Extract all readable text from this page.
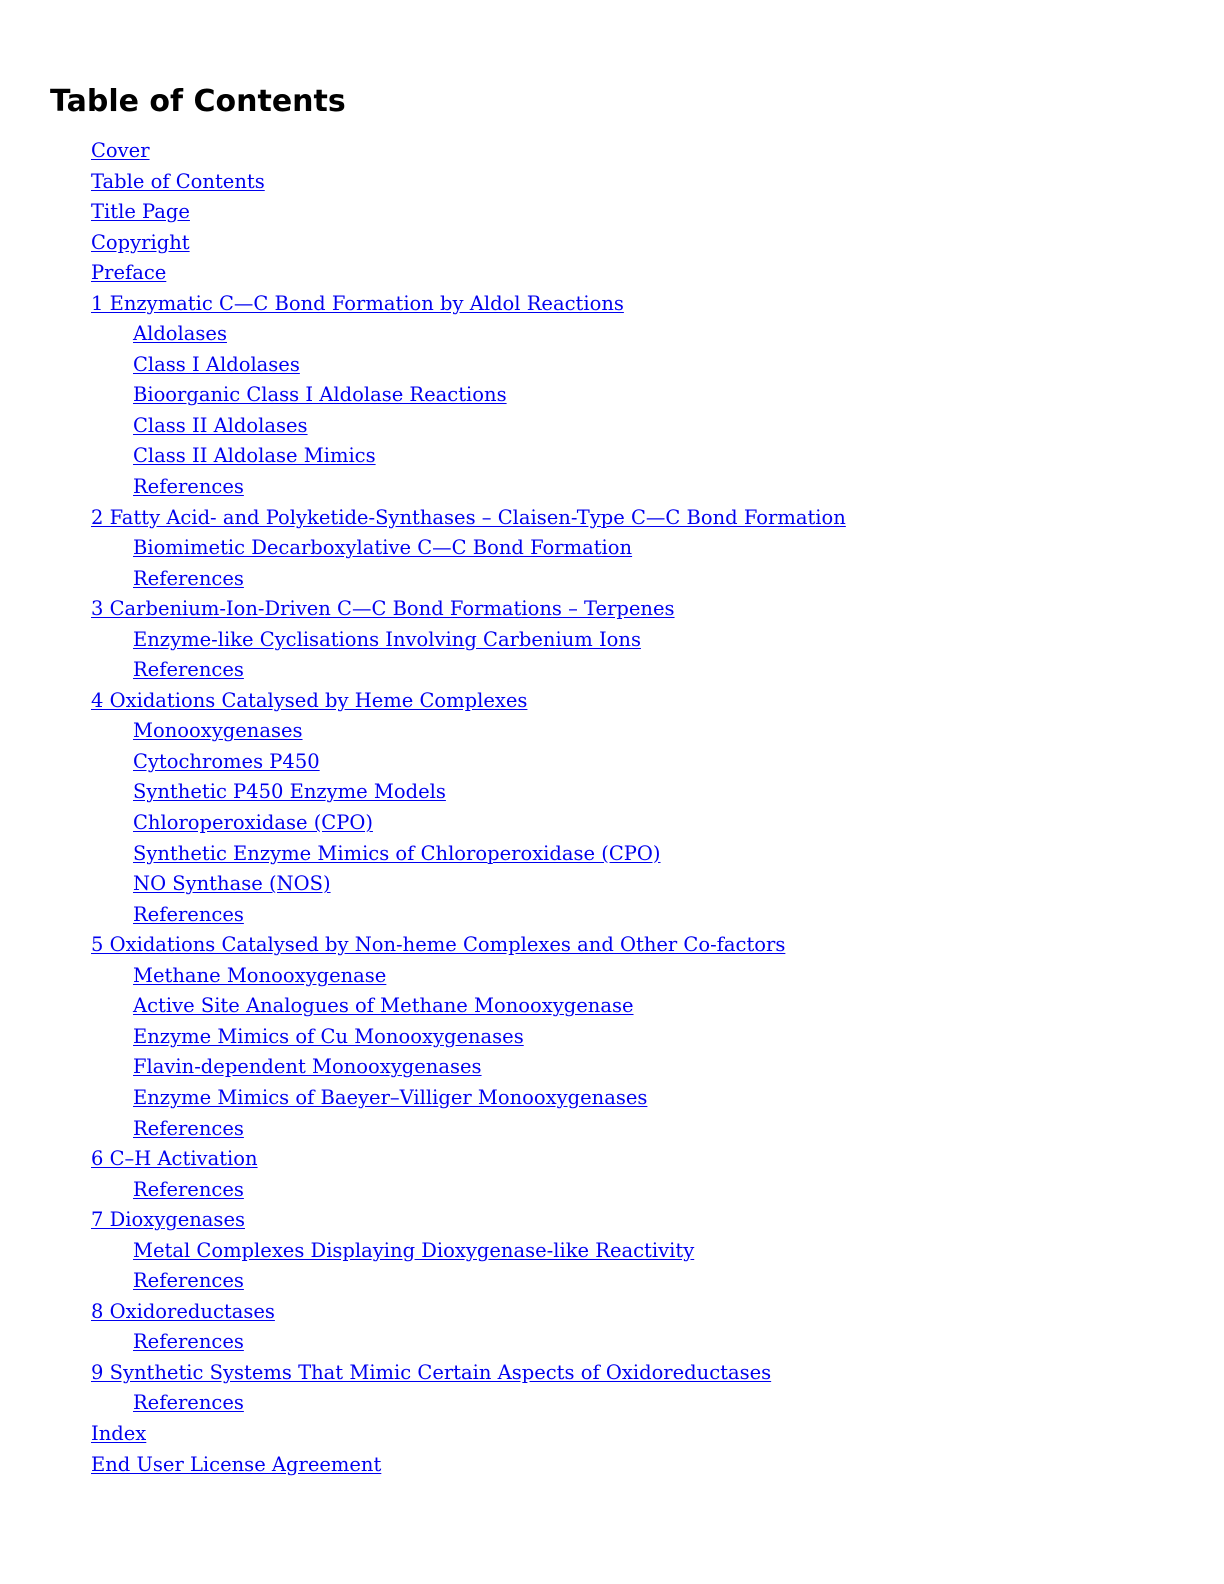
Table of Contents
Cover
Table of Contents
Title Page
Copyright
Preface
1 Enzymatic C—C Bond Formation by Aldol Reactions
Aldolases
Class I Aldolases
Bioorganic Class I Aldolase Reactions
Class II Aldolases
Class II Aldolase Mimics
References
2 Fatty Acid- and Polyketide-Synthases – Claisen-Type C—C Bond Formation
Biomimetic Decarboxylative C—C Bond Formation
References
3 Carbenium-Ion-Driven C—C Bond Formations – Terpenes
Enzyme-like Cyclisations Involving Carbenium Ions
References
4 Oxidations Catalysed by Heme Complexes
Monooxygenases
Cytochromes P450
Synthetic P450 Enzyme Models
Chloroperoxidase (CPO)
Synthetic Enzyme Mimics of Chloroperoxidase (CPO)
NO Synthase (NOS)
References
5 Oxidations Catalysed by Non-heme Complexes and Other Co-factors
Methane Monooxygenase
Active Site Analogues of Methane Monooxygenase
Enzyme Mimics of Cu Monooxygenases
Flavin-dependent Monooxygenases
Enzyme Mimics of Baeyer–Villiger Monooxygenases
References
6 C–H Activation
References
7 Dioxygenases
Metal Complexes Displaying Dioxygenase-like Reactivity
References
8 Oxidoreductases
References
9 Synthetic Systems That Mimic Certain Aspects of Oxidoreductases
References
Index
End User License Agreement
